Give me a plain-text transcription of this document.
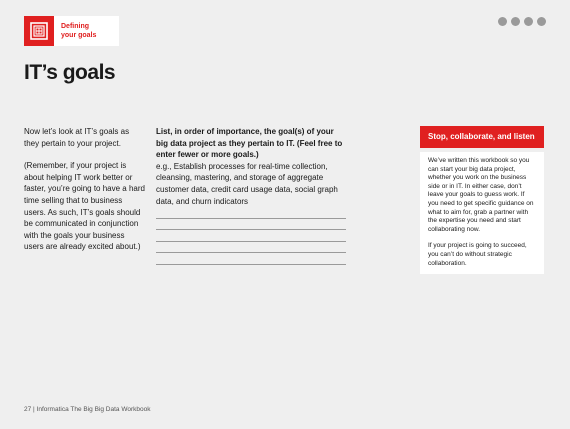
Defining
your goals
IT’s goals

Now let’s look at IT’s goals as they pertain to your project.

(Remember, if your project is about helping IT work better or faster, you’re going to have a hard time selling that to business users. As such, IT’s goals should be communicated in conjunction with the goals your business users are already excited about.)

List, in order of importance, the goal(s) of your big data project as they pertain to IT. (Feel free to enter fewer or more goals.)

e.g., Establish processes for real-time collection, cleansing, mastering, and storage of aggregate customer data, credit card usage data, social graph data, and churn indicators

Stop, collaborate, and listen

We’ve written this workbook so you can start your big data project, whether you work on the business side or in IT. In either case, don’t leave your goals to guess work. If you need to get specific guidance on what to aim for, grab a partner with the expertise you need and start collaborating now.

If your project is going to succeed, you can’t do without strategic collaboration.

27 | Informatica The Big Big Data Workbook
